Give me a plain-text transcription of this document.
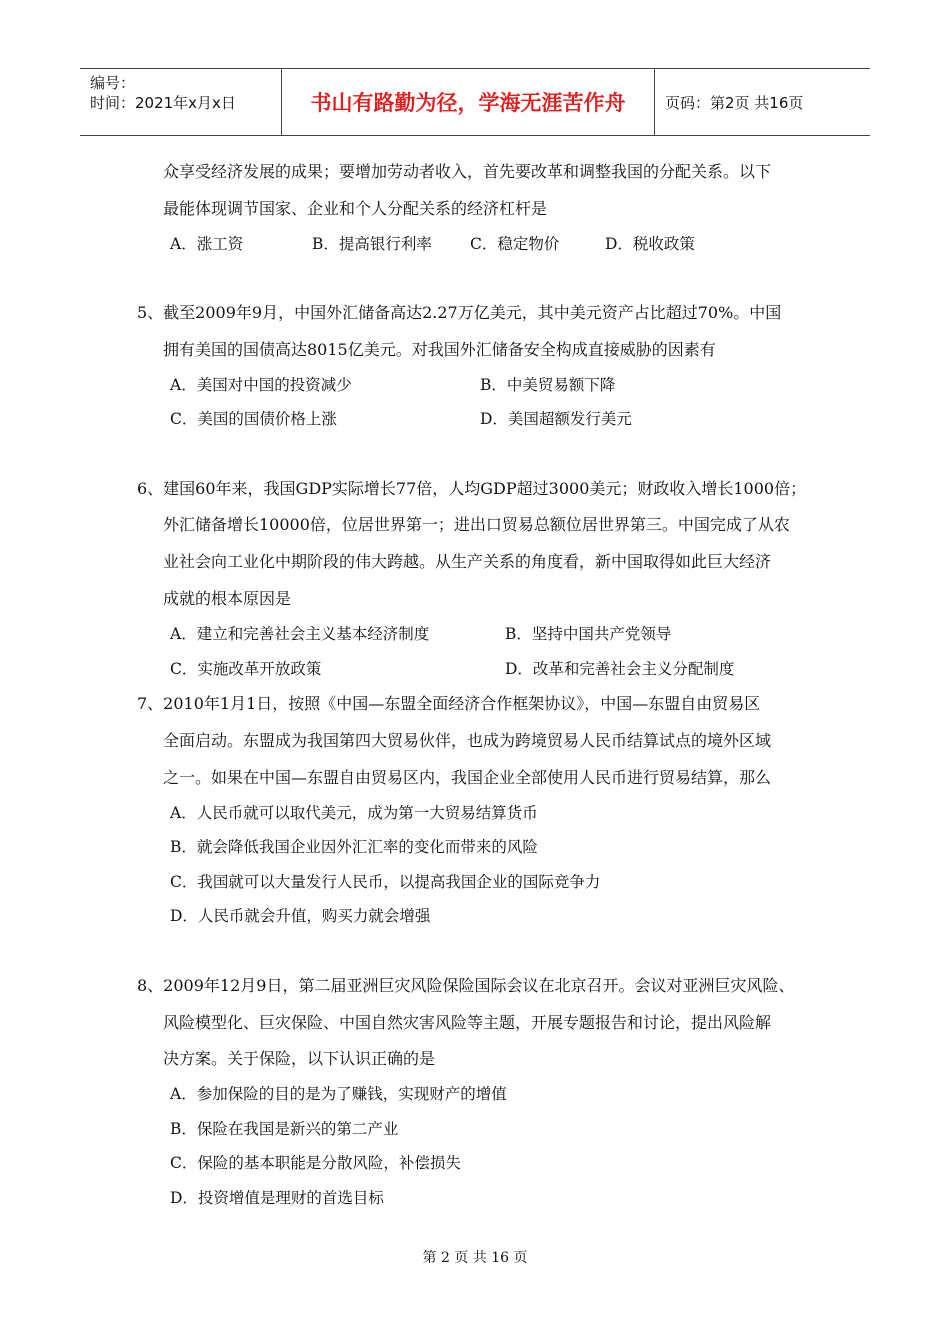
编号：
时间：2021年x月x日	书山有路勤为径，学海无涯苦作舟	页码：第2页 共16页
众享受经济发展的成果；要增加劳动者收入，首先要改革和调整我国的分配关系。以下
最能体现调节国家、企业和个人分配关系的经济杠杆是
A．涨工资	B．提高银行利率 C．稳定物价	D．税收政策
5、截至2009年9月，中国外汇储备高达2.27万亿美元，其中美元资产占比超过70%。中国
拥有美国的国债高达8015亿美元。对我国外汇储备安全构成直接威胁的因素有
A．美国对中国的投资减少	B．中美贸易额下降
C．美国的国债价格上涨	D．美国超额发行美元
6、建国60年来，我国GDP实际增长77倍，人均GDP超过3000美元；财政收入增长1000倍；
外汇储备增长10000倍，位居世界第一；进出口贸易总额位居世界第三。中国完成了从农
业社会向工业化中期阶段的伟大跨越。从生产关系的角度看，新中国取得如此巨大经济
成就的根本原因是
A．建立和完善社会主义基本经济制度	B．坚持中国共产党领导
C．实施改革开放政策	D．改革和完善社会主义分配制度
7、2010年1月1日，按照《中国—东盟全面经济合作框架协议》，中国—东盟自由贸易区
全面启动。东盟成为我国第四大贸易伙伴，也成为跨境贸易人民币结算试点的境外区域
之一。如果在中国—东盟自由贸易区内，我国企业全部使用人民币进行贸易结算，那么
A．人民币就可以取代美元，成为第一大贸易结算货币
B．就会降低我国企业因外汇汇率的变化而带来的风险
C．我国就可以大量发行人民币，以提高我国企业的国际竞争力
D．人民币就会升值，购买力就会增强
8、2009年12月9日，第二届亚洲巨灾风险保险国际会议在北京召开。会议对亚洲巨灾风险、
风险模型化、巨灾保险、中国自然灾害风险等主题，开展专题报告和讨论，提出风险解
决方案。关于保险，以下认识正确的是
A．参加保险的目的是为了赚钱，实现财产的增值
B．保险在我国是新兴的第二产业
C．保险的基本职能是分散风险，补偿损失
D．投资增值是理财的首选目标
第 2 页 共 16 页
